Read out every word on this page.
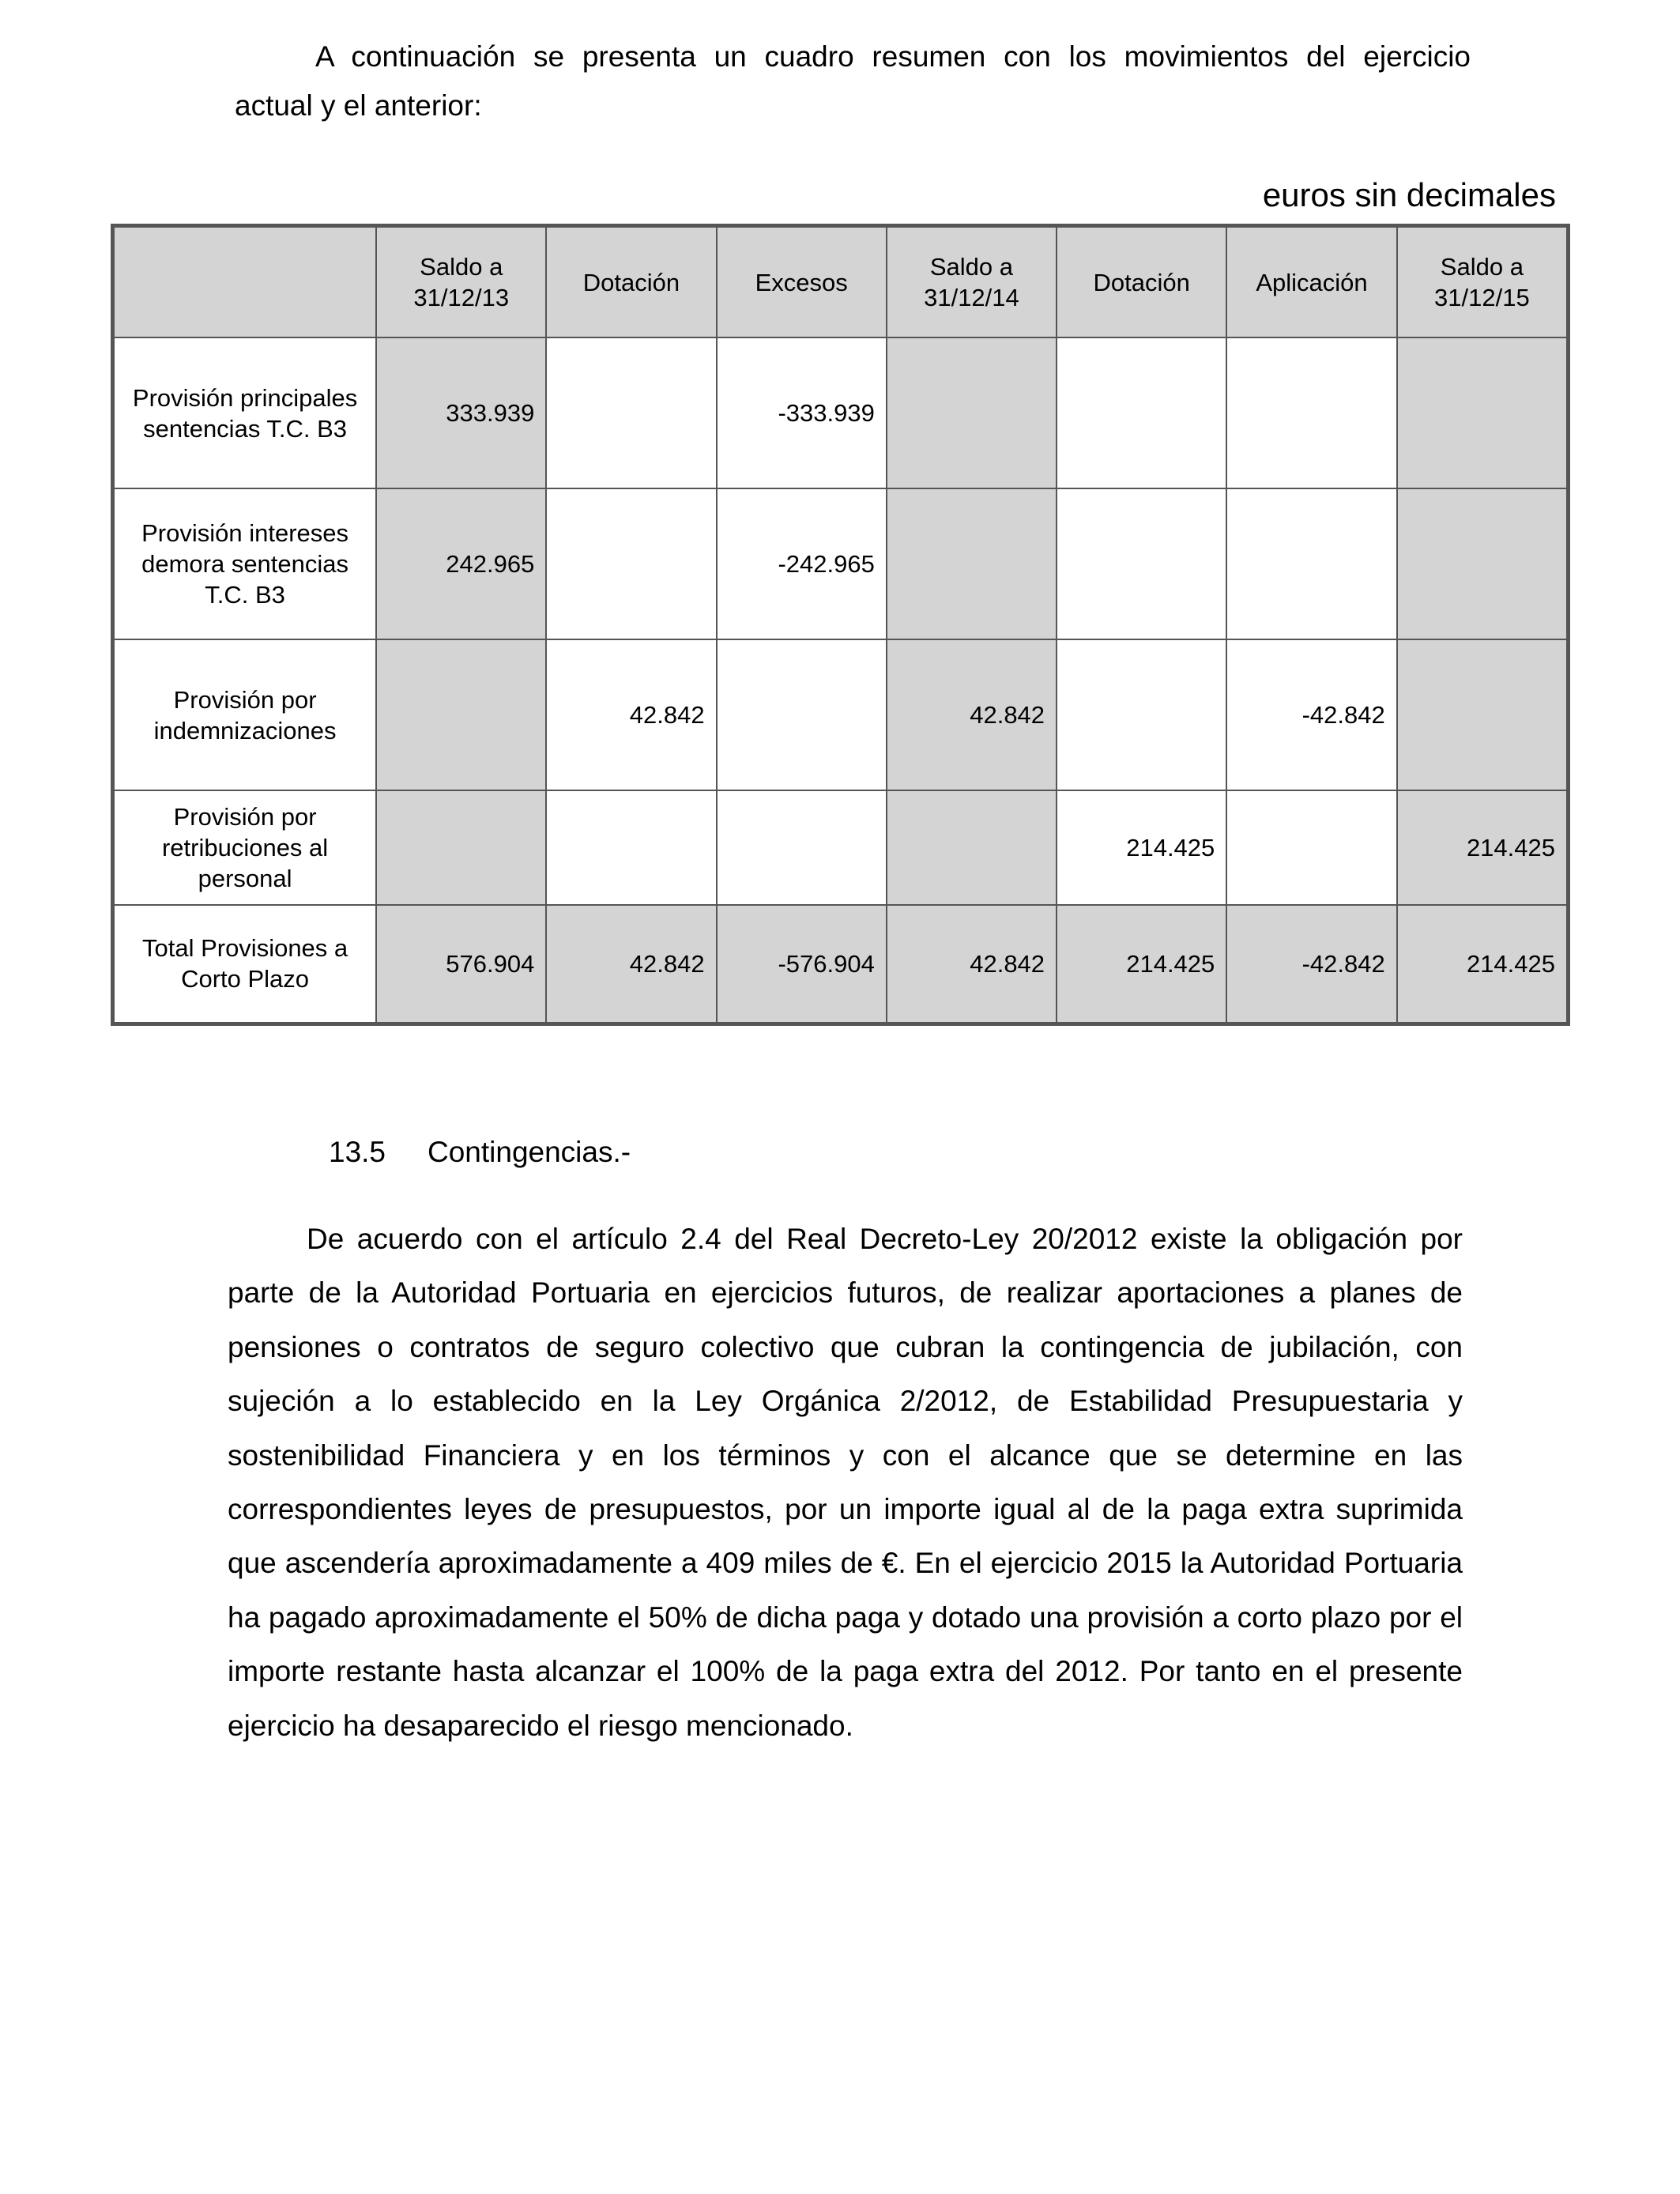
A continuación se presenta un cuadro resumen con los movimientos del ejercicio
actual y el anterior:
euros sin decimales
	Saldo a 31/12/13	Dotación	Excesos	Saldo a 31/12/14	Dotación	Aplicación	Saldo a 31/12/15
Provisión principales sentencias T.C. B3	333.939		-333.939				
Provisión intereses demora sentencias T.C. B3	242.965		-242.965				
Provisión por indemnizaciones		42.842		42.842		-42.842	
Provisión por retribuciones al personal					214.425		214.425
Total Provisiones a Corto Plazo	576.904	42.842	-576.904	42.842	214.425	-42.842	214.425
13.5 Contingencias.-
De acuerdo con el artículo 2.4 del Real Decreto-Ley 20/2012 existe la obligación por parte de la Autoridad Portuaria en ejercicios futuros, de realizar aportaciones a planes de pensiones o contratos de seguro colectivo que cubran la contingencia de jubilación, con sujeción a lo establecido en la Ley Orgánica 2/2012, de Estabilidad Presupuestaria y sostenibilidad Financiera y en los términos y con el alcance que se determine en las correspondientes leyes de presupuestos, por un importe igual al de la paga extra suprimida que ascendería aproximadamente a 409 miles de €. En el ejercicio 2015 la Autoridad Portuaria ha pagado aproximadamente el 50% de dicha paga y dotado una provisión a corto plazo por el importe restante hasta alcanzar el 100% de la paga extra del 2012. Por tanto en el presente ejercicio ha desaparecido el riesgo mencionado.
